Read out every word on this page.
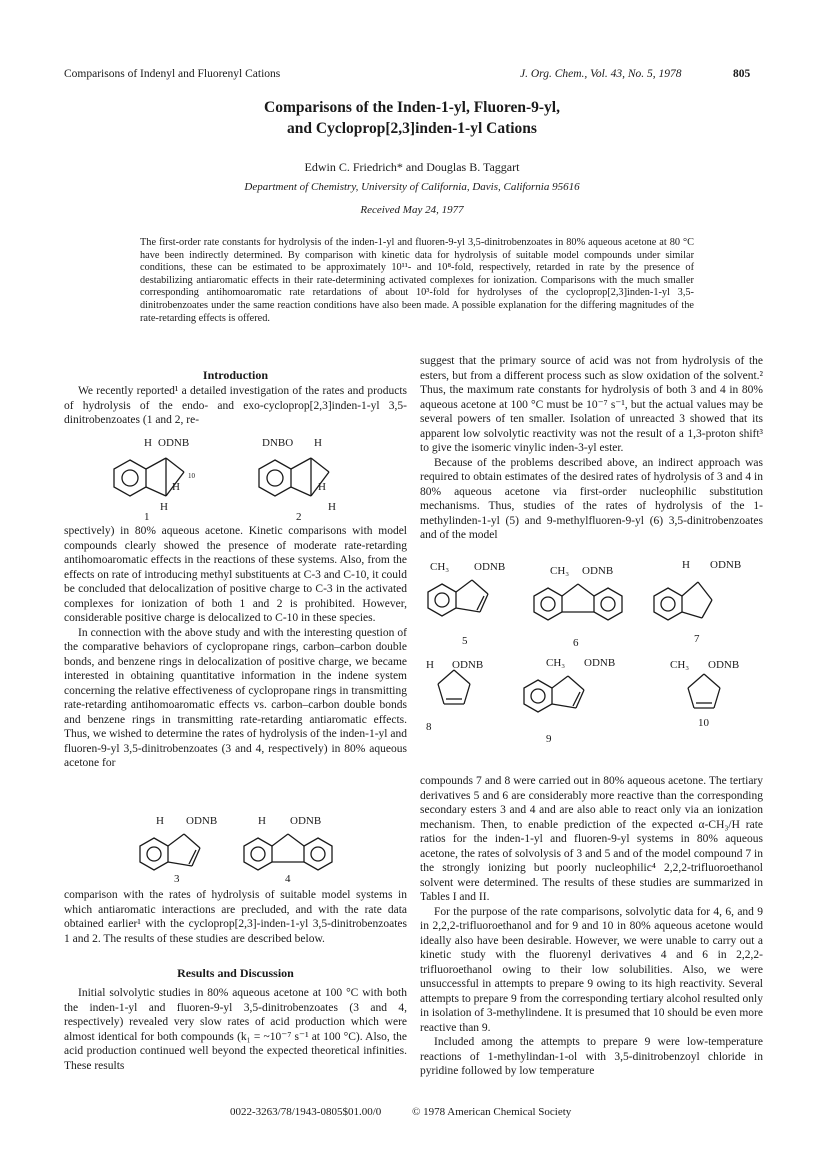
Comparisons of Indenyl and Fluorenyl Cations	J. Org. Chem., Vol. 43, No. 5, 1978	805
Comparisons of the Inden-1-yl, Fluoren-9-yl,
and Cycloprop[2,3]inden-1-yl Cations
Edwin C. Friedrich* and Douglas B. Taggart
Department of Chemistry, University of California, Davis, California 95616
Received May 24, 1977
The first-order rate constants for hydrolysis of the inden-1-yl and fluoren-9-yl 3,5-dinitrobenzoates in 80% aqueous acetone at 80 °C have been indirectly determined. By comparison with kinetic data for hydrolysis of suitable model compounds under similar conditions, these can be estimated to be approximately 10¹¹- and 10⁸-fold, respectively, retarded in rate by the presence of destabilizing antiaromatic effects in their rate-determining activated complexes for ionization. Comparisons with the much smaller corresponding antihomoaromatic rate retardations of about 10³-fold for hydrolyses of the cycloprop[2,3]inden-1-yl 3,5-dinitrobenzoates under the same reaction conditions have also been made. A possible explanation for the differing magnitudes of the rate-retarding effects is offered.
Introduction

We recently reported¹ a detailed investigation of the rates and products of hydrolysis of the endo- and exo-cycloprop[2,3]inden-1-yl 3,5-dinitrobenzoates (1 and 2, re-

H ODNB
10
H
H
1
DNBO H
H
H
2

spectively) in 80% aqueous acetone. Kinetic comparisons with model compounds clearly showed the presence of moderate rate-retarding antihomoaromatic effects in the reactions of these systems. Also, from the effects on rate of introducing methyl substituents at C-3 and C-10, it could be concluded that delocalization of positive charge to C-3 in the activated complexes for ionization of both 1 and 2 is prohibited. However, considerable positive charge is delocalized to C-10 in these species.

In connection with the above study and with the interesting question of the comparative behaviors of cyclopropane rings, carbon–carbon double bonds, and benzene rings in delocalization of positive charge, we became interested in obtaining quantitative information in the indene system concerning the relative effectiveness of cyclopropane rings in transmitting rate-retarding antihomoaromatic effects vs. carbon–carbon double bonds and benzene rings in transmitting rate-retarding antiaromatic effects. Thus, we wished to determine the rates of hydrolysis of the inden-1-yl and fluoren-9-yl 3,5-dinitrobenzoates (3 and 4, respectively) in 80% aqueous acetone for

H ODNB
3
H ODNB
4

comparison with the rates of hydrolysis of suitable model systems in which antiaromatic interactions are precluded, and with the rate data obtained earlier¹ with the cycloprop[2,3]-inden-1-yl 3,5-dinitrobenzoates 1 and 2. The results of these studies are described below.

Results and Discussion

Initial solvolytic studies in 80% aqueous acetone at 100 °C with both the inden-1-yl and fluoren-9-yl 3,5-dinitrobenzoates (3 and 4, respectively) revealed very slow rates of acid production which were almost identical for both compounds (k₁ = ~10⁻⁷ s⁻¹ at 100 °C). Also, the acid production continued well beyond the expected theoretical infinities. These results

suggest that the primary source of acid was not from hydrolysis of the esters, but from a different process such as slow oxidation of the solvent.² Thus, the maximum rate constants for hydrolysis of both 3 and 4 in 80% aqueous acetone at 100 °C must be 10⁻⁷ s⁻¹, but the actual values may be several powers of ten smaller. Isolation of unreacted 3 showed that its apparent low solvolytic reactivity was not the result of a 1,3-proton shift³ to give the isomeric vinylic inden-3-yl ester.

Because of the problems described above, an indirect approach was required to obtain estimates of the desired rates of hydrolysis of 3 and 4 in 80% aqueous acetone via first-order nucleophilic substitution mechanisms. Thus, studies of the rates of hydrolysis of the 1-methylinden-1-yl (5) and 9-methylfluoren-9-yl (6) 3,5-dinitrobenzoates and of the model

CH₃ ODNB
5
CH₃ ODNB
6
H ODNB
7
H ODNB
8
CH₃ ODNB
9
CH₃ ODNB
10

compounds 7 and 8 were carried out in 80% aqueous acetone. The tertiary derivatives 5 and 6 are considerably more reactive than the corresponding secondary esters 3 and 4 and are also able to react only via an ionization mechanism. Then, to enable prediction of the expected α-CH₃/H rate ratios for the inden-1-yl and fluoren-9-yl systems in 80% aqueous acetone, the rates of solvolysis of 3 and 5 and of the model compound 7 in the strongly ionizing but poorly nucleophilic⁴ 2,2,2-trifluoroethanol solvent were determined. The results of these studies are summarized in Tables I and II.

For the purpose of the rate comparisons, solvolytic data for 4, 6, and 9 in 2,2,2-trifluoroethanol and for 9 and 10 in 80% aqueous acetone would ideally also have been desirable. However, we were unable to carry out a kinetic study with the fluorenyl derivatives 4 and 6 in 2,2,2-trifluoroethanol owing to their low solubilities. Also, we were unsuccessful in attempts to prepare 9 owing to its high reactivity. Several attempts to prepare 9 from the corresponding tertiary alcohol resulted only in isolation of 3-methylindene. It is presumed that 10 should be even more reactive than 9.

Included among the attempts to prepare 9 were low-temperature reactions of 1-methylindan-1-ol with 3,5-dinitrobenzoyl chloride in pyridine followed by low temperature

0022-3263/78/1943-0805$01.00/0	© 1978 American Chemical Society
